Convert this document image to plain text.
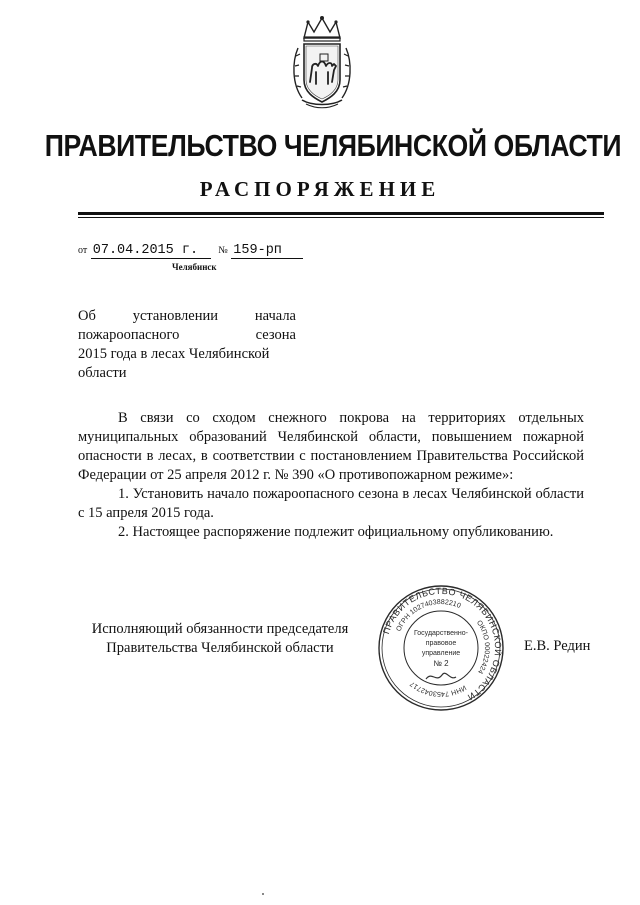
ПРАВИТЕЛЬСТВО ЧЕЛЯБИНСКОЙ ОБЛАСТИ
РАСПОРЯЖЕНИЕ
от 07.04.2015 г. № 159-рп
Челябинск
Об установлении начала
пожароопасного сезона
2015 года в лесах Челябинской
области

В связи со сходом снежного покрова на территориях отдельных муниципальных образований Челябинской области, повышением пожарной опасности в лесах, в соответствии с постановлением Правительства Российской Федерации от 25 апреля 2012 г. № 390 «О противопожарном режиме»:

1. Установить начало пожароопасного сезона в лесах Челябинской области с 15 апреля 2015 года.

2. Настоящее распоряжение подлежит официальному опубликованию.

Исполняющий обязанности председателя
Правительства Челябинской области
ПРАВИТЕЛЬСТВО ЧЕЛЯБИНСКОЙ ОБЛАСТИ
ОГРН 1027403882210
ОКПО 00022424
ИНН 7453042717
Государственно-
правовое
управление
№ 2
Е.В. Редин
